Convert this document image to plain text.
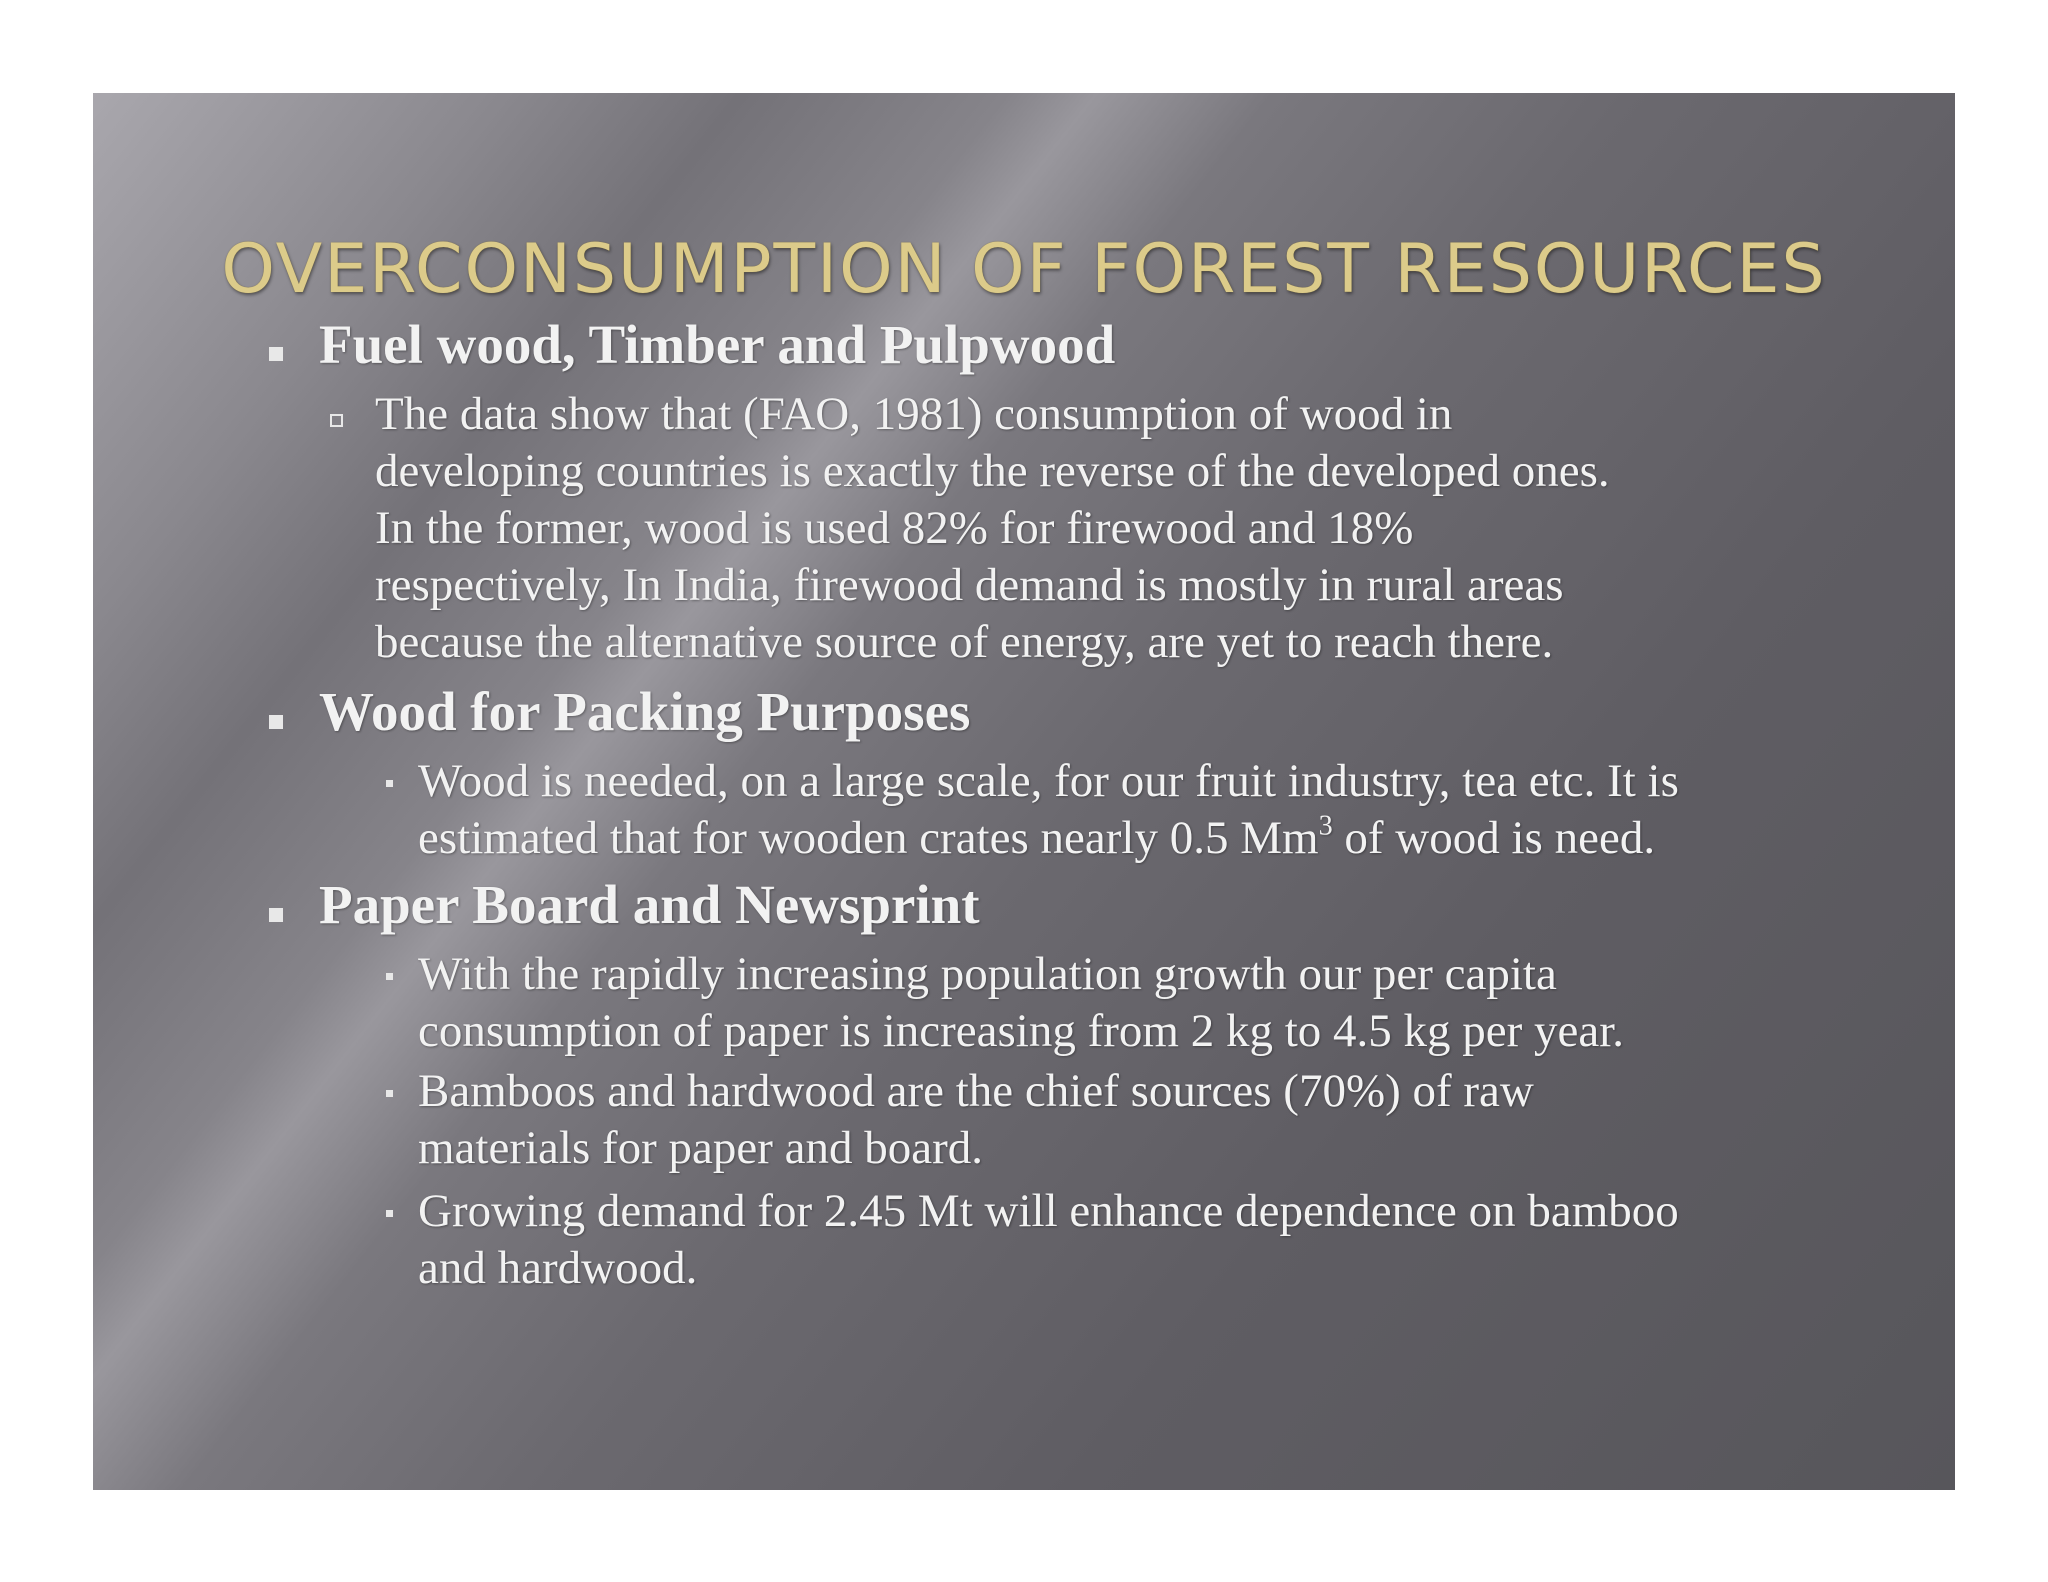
OVERCONSUMPTION OF FOREST RESOURCES
Fuel wood, Timber and Pulpwood
The data show that (FAO, 1981) consumption of wood in
developing countries is exactly the reverse of the developed ones.
In the former, wood is used 82% for firewood and 18%
respectively, In India, firewood demand is mostly in rural areas
because the alternative source of energy, are yet to reach there.
Wood for Packing Purposes
Wood is needed, on a large scale, for our fruit industry, tea etc. It is
estimated that for wooden crates nearly 0.5 Mm$^3$ of wood is need.
Paper Board and Newsprint
With the rapidly increasing population growth our per capita
consumption of paper is increasing from 2 kg to 4.5 kg per year.
Bamboos and hardwood are the chief sources (70%) of raw
materials for paper and board.
Growing demand for 2.45 Mt will enhance dependence on bamboo
and hardwood.
